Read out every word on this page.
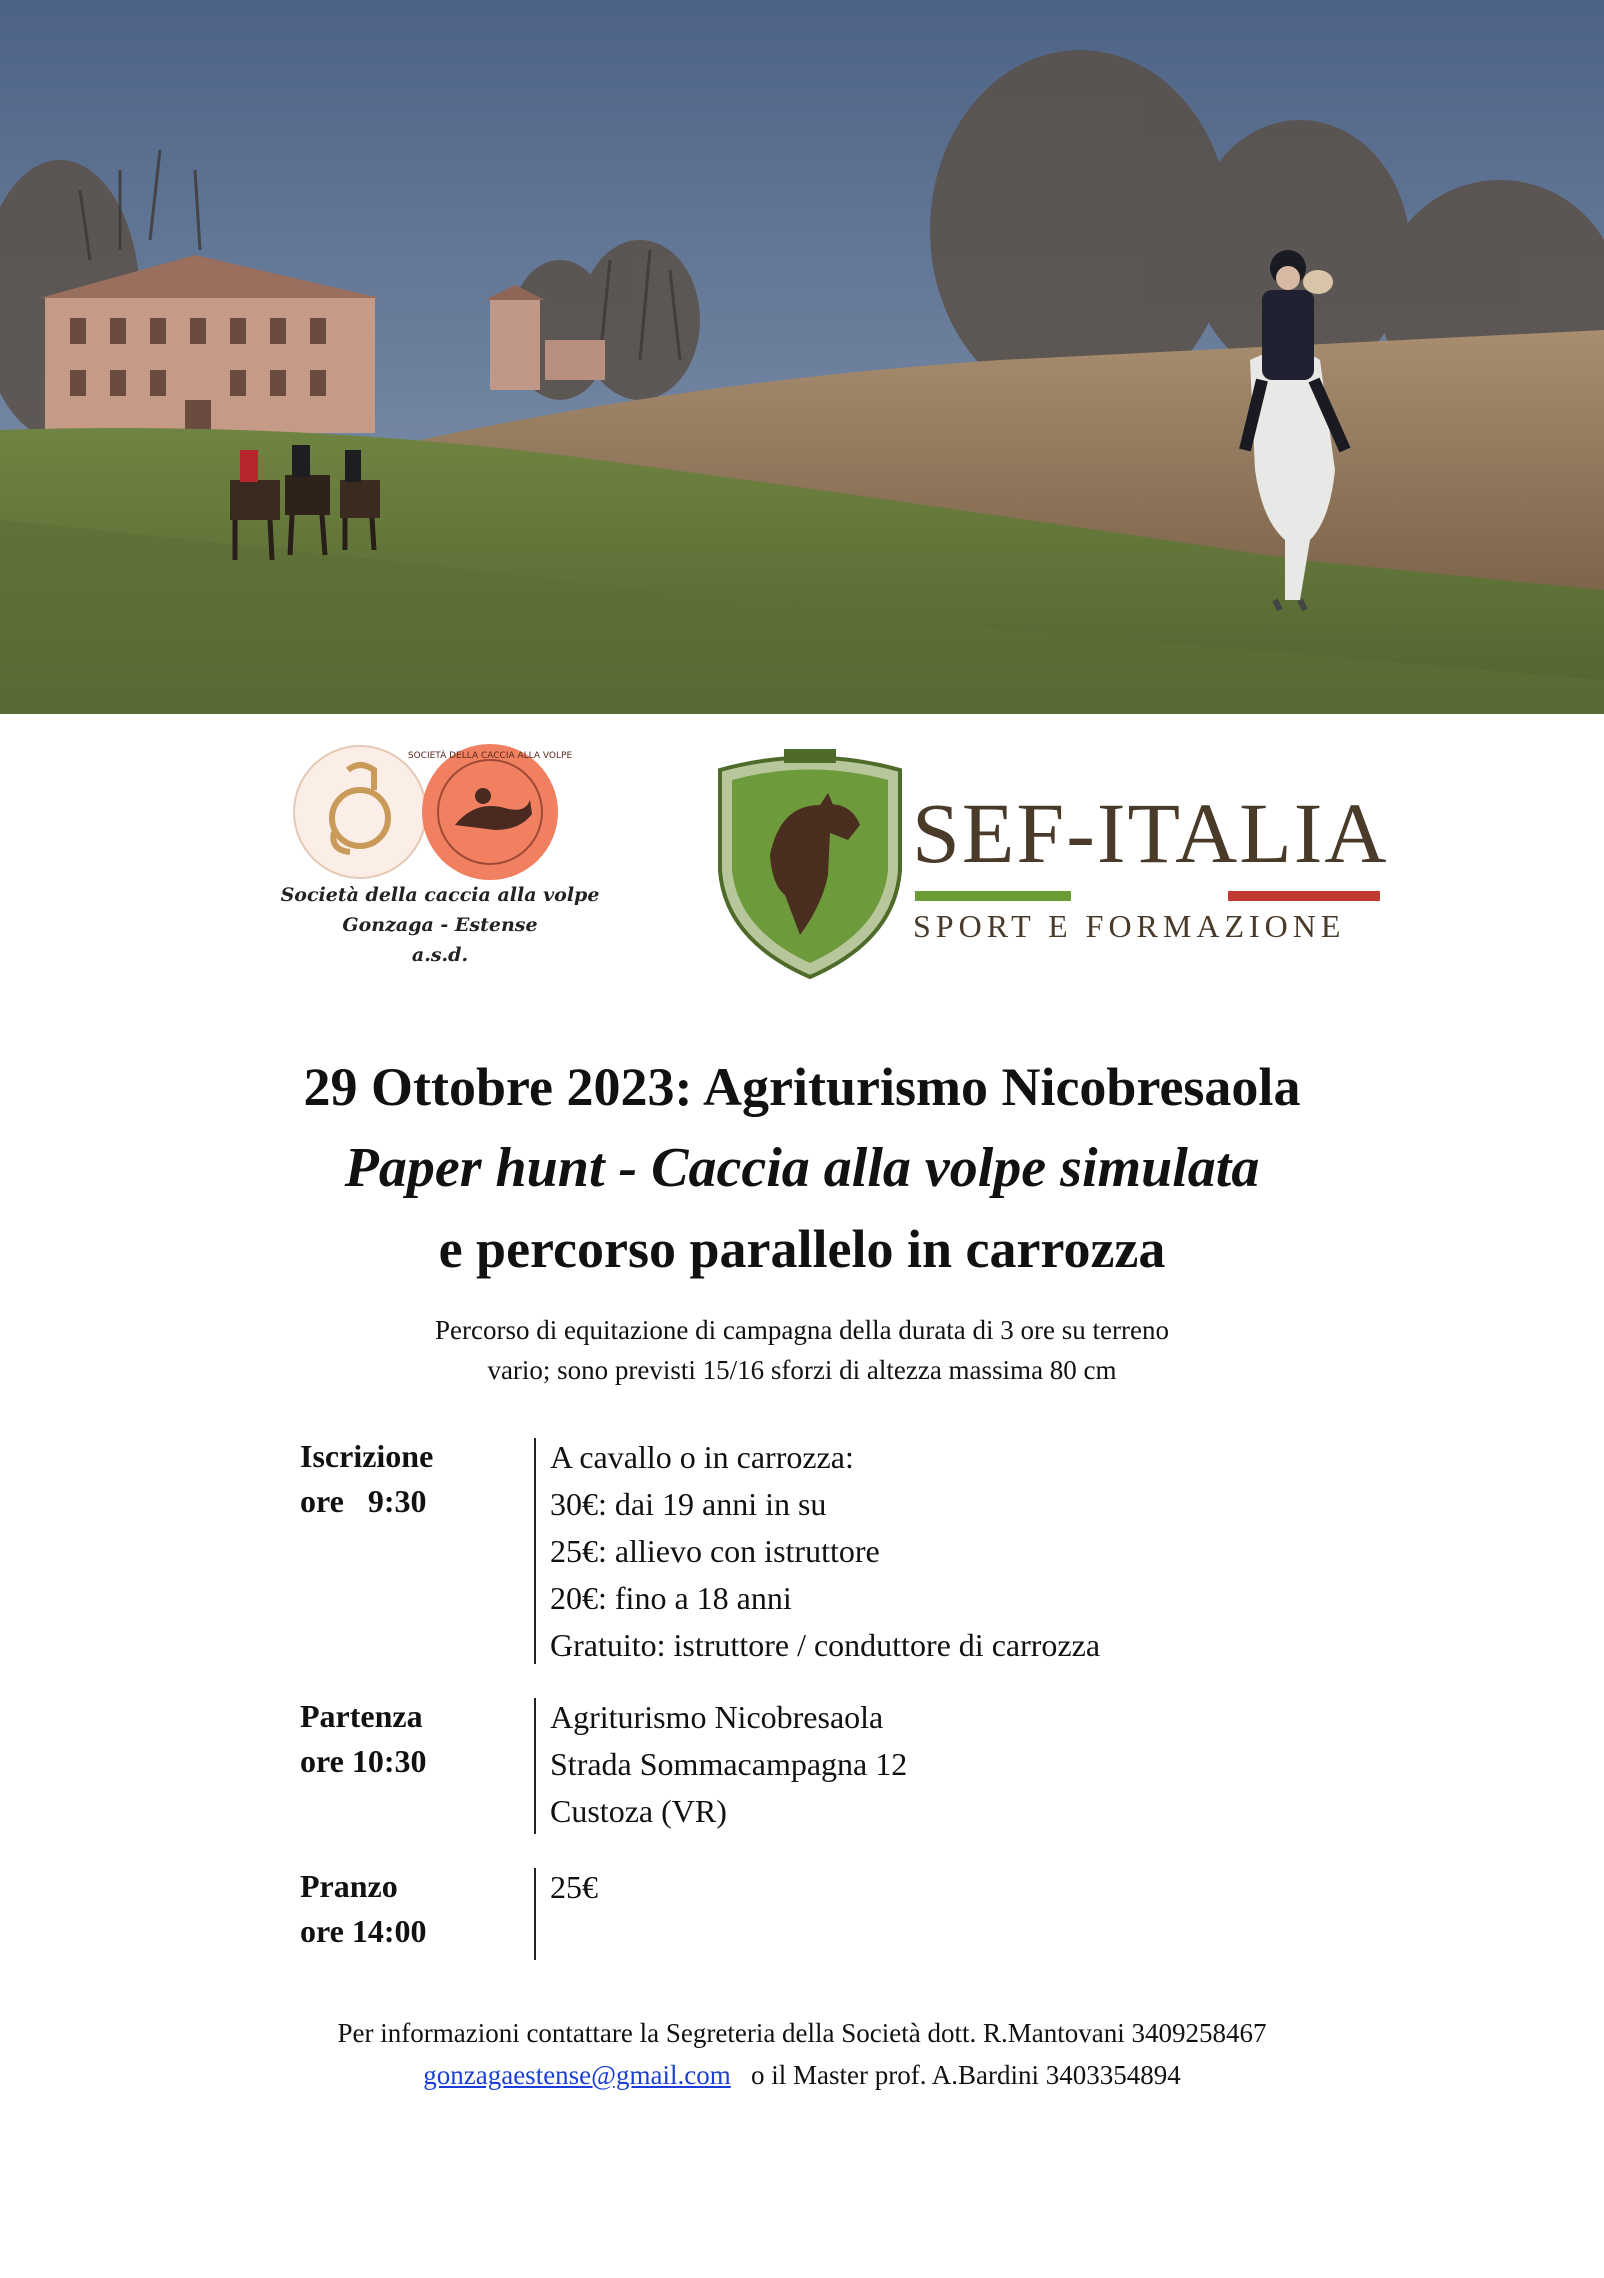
SOCIETÀ DELLA CACCIA ALLA VOLPE
Società della caccia alla volpe
Gonzaga - Estense
a.s.d.
SEF-ITALIA
SPORT E FORMAZIONE
29 Ottobre 2023: Agriturismo Nicobresaola
Paper hunt - Caccia alla volpe simulata
e percorso parallelo in carrozza
Percorso di equitazione di campagna della durata di 3 ore su terreno
vario; sono previsti 15/16 sforzi di altezza massima 80 cm
Iscrizione
ore   9:30
A cavallo o in carrozza:
30€: dai 19 anni in su
25€: allievo con istruttore
20€: fino a 18 anni
Gratuito: istruttore / conduttore di carrozza
Partenza
ore 10:30
Agriturismo Nicobresaola
Strada Sommacampagna 12
Custoza (VR)
Pranzo
ore 14:00
25€
Per informazioni contattare la Segreteria della Società dott. R.Mantovani 3409258467
gonzagaestense@gmail.com o il Master prof. A.Bardini 3403354894
